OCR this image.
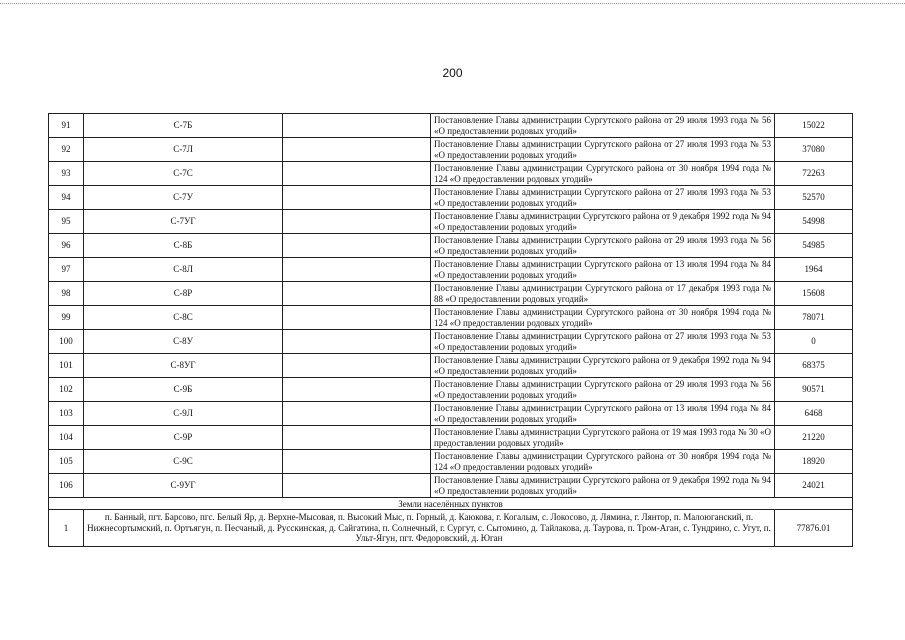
200
91	С-7Б		Постановление Главы администрации Сургутского района от 29 июля 1993 года № 56 «О предоставлении родовых угодий»	15022
92	С-7Л		Постановление Главы администрации Сургутского района от 27 июля 1993 года № 53 «О предоставлении родовых угодий»	37080
93	С-7С		Постановление Главы администрации Сургутского района от 30 ноября 1994 года № 124 «О предоставлении родовых угодий»	72263
94	С-7У		Постановление Главы администрации Сургутского района от 27 июля 1993 года № 53 «О предоставлении родовых угодий»	52570
95	С-7УГ		Постановление Главы администрации Сургутского района от 9 декабря 1992 года № 94 «О предоставлении родовых угодий»	54998
96	С-8Б		Постановление Главы администрации Сургутского района от 29 июля 1993 года № 56 «О предоставлении родовых угодий»	54985
97	С-8Л		Постановление Главы администрации Сургутского района от 13 июля 1994 года № 84 «О предоставлении родовых угодий»	1964
98	С-8Р		Постановление Главы администрации Сургутского района от 17 декабря 1993 года № 88 «О предоставлении родовых угодий»	15608
99	С-8С		Постановление Главы администрации Сургутского района от 30 ноября 1994 года № 124 «О предоставлении родовых угодий»	78071
100	С-8У		Постановление Главы администрации Сургутского района от 27 июля 1993 года № 53 «О предоставлении родовых угодий»	0
101	С-8УГ		Постановление Главы администрации Сургутского района от 9 декабря 1992 года № 94 «О предоставлении родовых угодий»	68375
102	С-9Б		Постановление Главы администрации Сургутского района от 29 июля 1993 года № 56 «О предоставлении родовых угодий»	90571
103	С-9Л		Постановление Главы администрации Сургутского района от 13 июля 1994 года № 84 «О предоставлении родовых угодий»	6468
104	С-9Р		Постановление Главы администрации Сургутского района от 19 мая 1993 года № 30 «О предоставлении родовых угодий»	21220
105	С-9С		Постановление Главы администрации Сургутского района от 30 ноября 1994 года № 124 «О предоставлении родовых угодий»	18920
106	С-9УГ		Постановление Главы администрации Сургутского района от 9 декабря 1992 года № 94 «О предоставлении родовых угодий»	24021
Земли населённых пунктов				
1	п. Банный, пгт. Барсово, пгс. Белый Яр, д. Верхне-Мысовая, п. Высокий Мыс, п. Горный, д. Каюкова, г. Когалым, с. Локосово, д. Лямина, г. Лянтор, п. Малоюганский, п. Нижнесортымский, п. Ортъягун, п. Песчаный, д. Русскинская, д. Сайгатина, п. Солнечный, г. Сургут, с. Сытомино, д. Тайлакова, д. Таурова, п. Тром-Аган, с. Тундрино, с. Угут, п. Ульт-Ягун, пгт. Федоровский, д. Юган			77876.01
